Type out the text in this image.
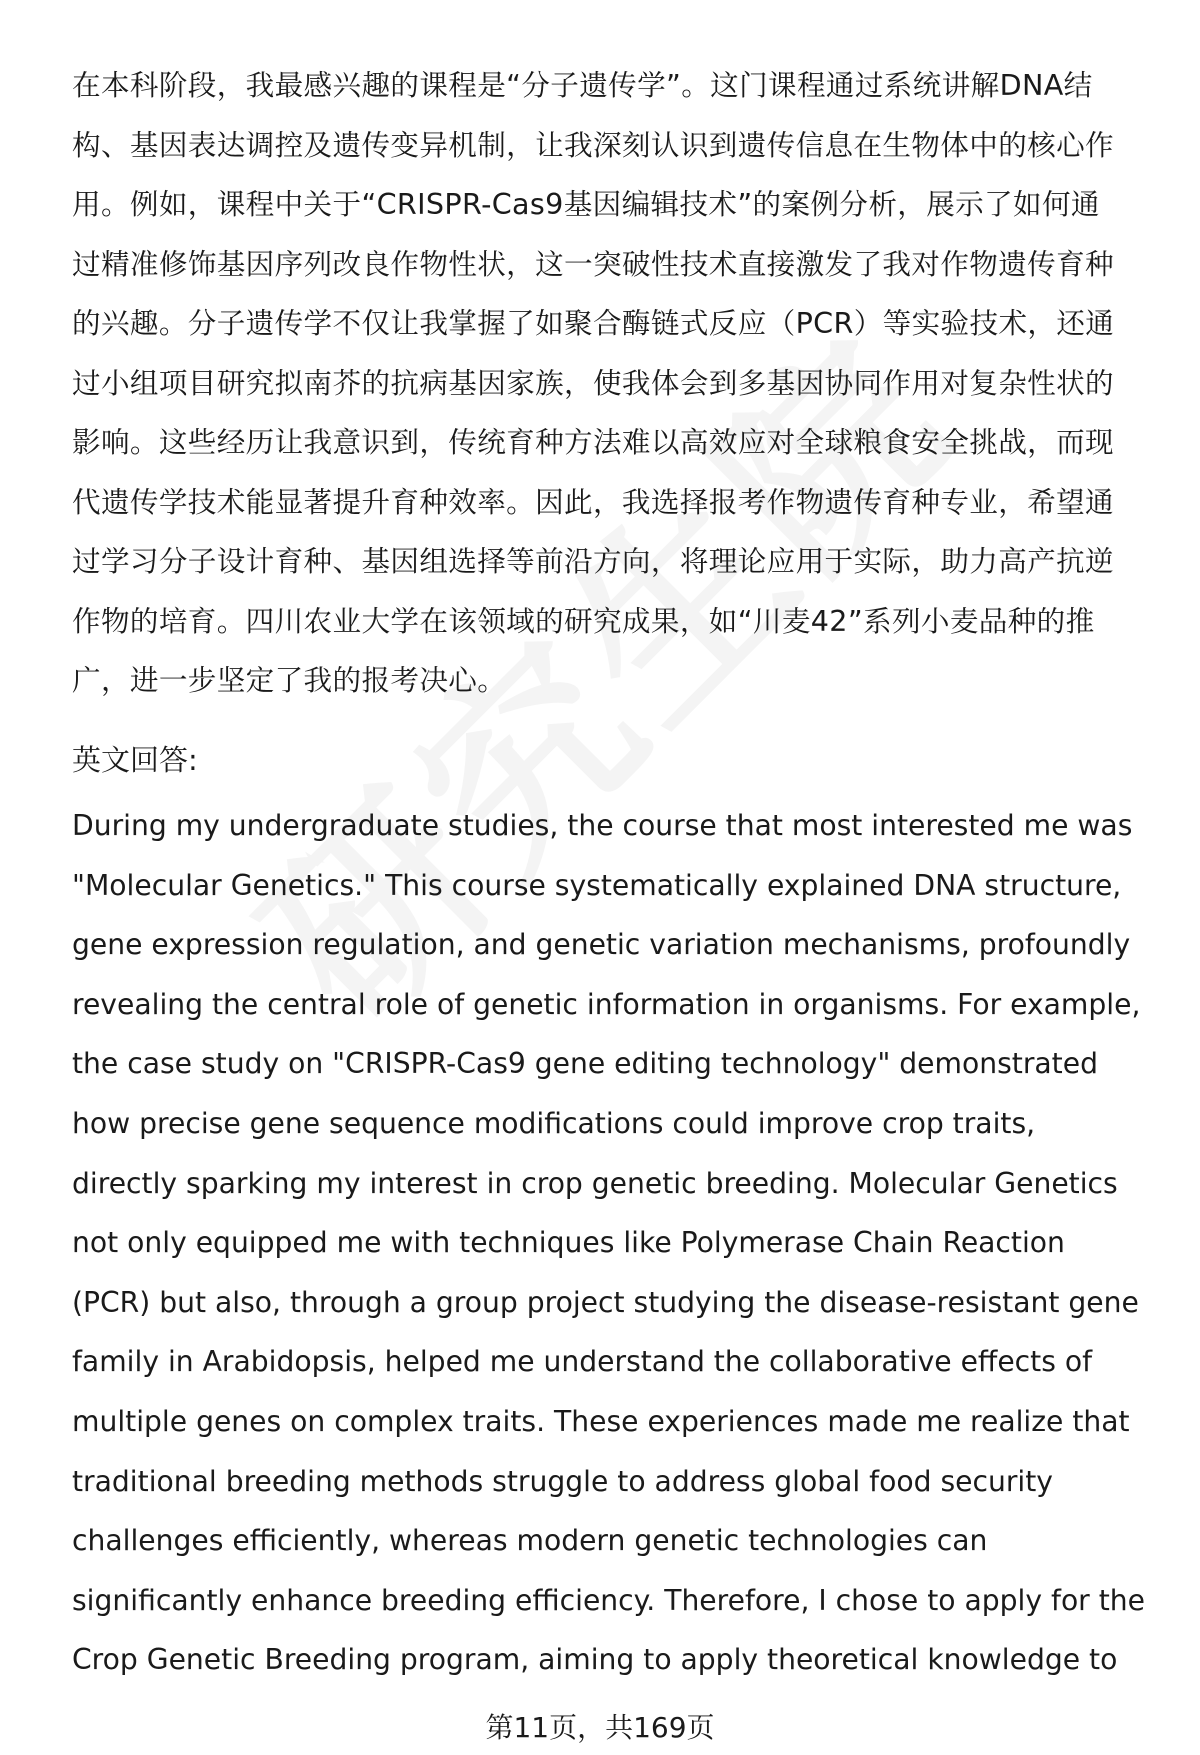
在本科阶段，我最感兴趣的课程是“分子遗传学”。这门课程通过系统讲解DNA结
构、基因表达调控及遗传变异机制，让我深刻认识到遗传信息在生物体中的核心作
用。例如，课程中关于“CRISPR-Cas9基因编辑技术”的案例分析，展示了如何通
过精准修饰基因序列改良作物性状，这一突破性技术直接激发了我对作物遗传育种
的兴趣。分子遗传学不仅让我掌握了如聚合酶链式反应（PCR）等实验技术，还通
过小组项目研究拟南芥的抗病基因家族，使我体会到多基因协同作用对复杂性状的
影响。这些经历让我意识到，传统育种方法难以高效应对全球粮食安全挑战，而现
代遗传学技术能显著提升育种效率。因此，我选择报考作物遗传育种专业，希望通
过学习分子设计育种、基因组选择等前沿方向，将理论应用于实际，助力高产抗逆
作物的培育。四川农业大学在该领域的研究成果，如“川麦42”系列小麦品种的推
广，进一步坚定了我的报考决心。
英文回答:
During my undergraduate studies, the course that most interested me was
"Molecular Genetics." This course systematically explained DNA structure,
gene expression regulation, and genetic variation mechanisms, profoundly
revealing the central role of genetic information in organisms. For example,
the case study on "CRISPR-Cas9 gene editing technology" demonstrated
how precise gene sequence modifications could improve crop traits,
directly sparking my interest in crop genetic breeding. Molecular Genetics
not only equipped me with techniques like Polymerase Chain Reaction
(PCR) but also, through a group project studying the disease-resistant gene
family in Arabidopsis, helped me understand the collaborative effects of
multiple genes on complex traits. These experiences made me realize that
traditional breeding methods struggle to address global food security
challenges efficiently, whereas modern genetic technologies can
significantly enhance breeding efficiency. Therefore, I chose to apply for the
Crop Genetic Breeding program, aiming to apply theoretical knowledge to
第11页，共169页
